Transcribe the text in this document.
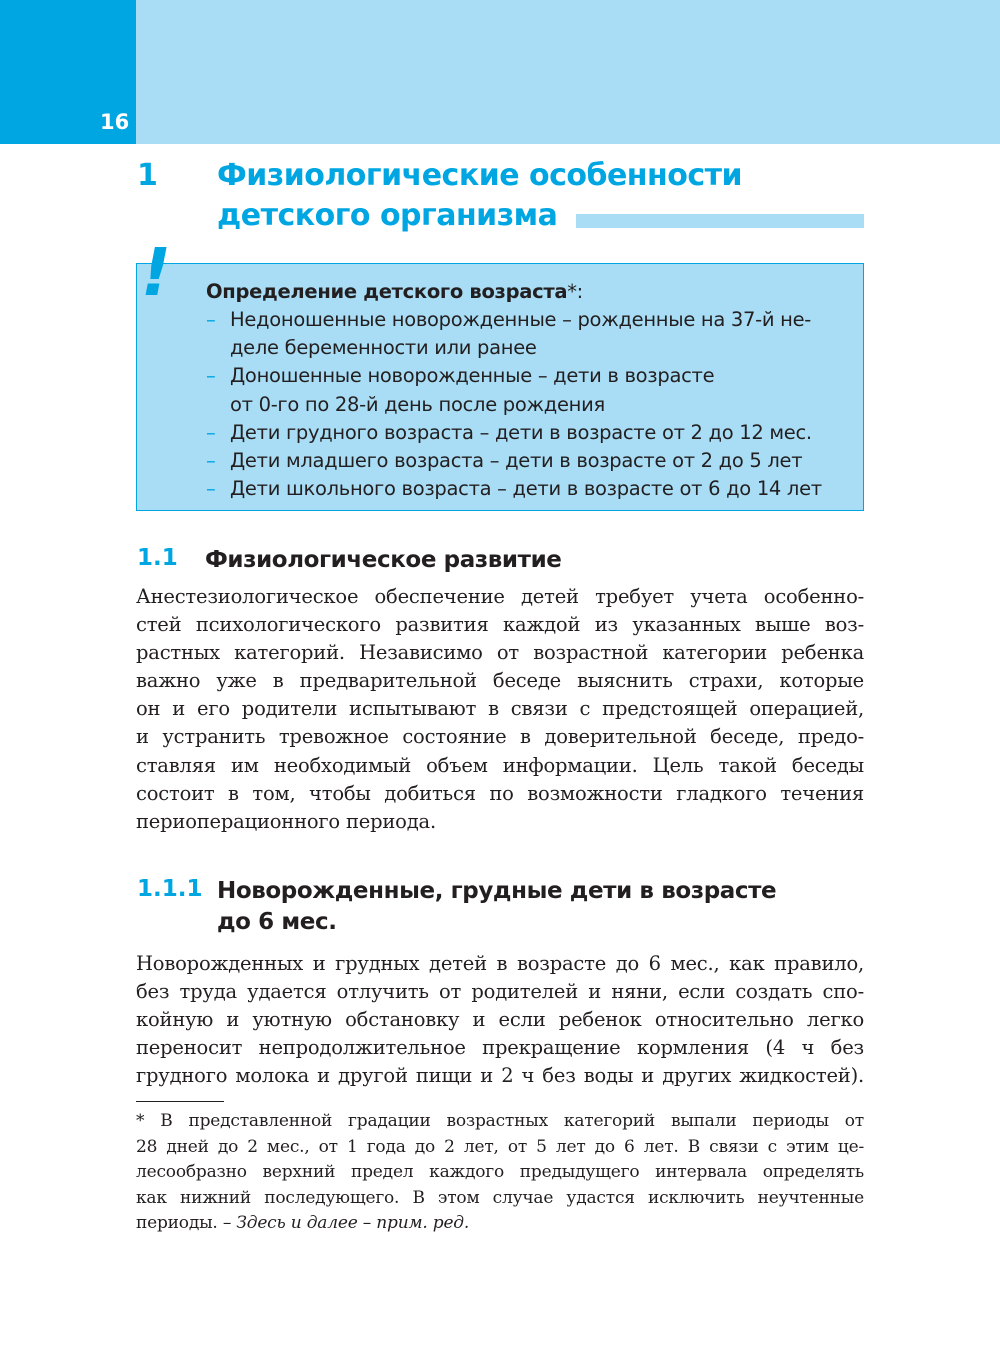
16
1 Физиологические особенности
детского организма
Определение детского возраста*:
– Недоношенные новорожденные – рожденные на 37-й не-
деле беременности или ранее
– Доношенные новорожденные – дети в возрасте
от 0-го по 28-й день после рождения
– Дети грудного возраста – дети в возрасте от 2 до 12 мес.
– Дети младшего возраста – дети в возрасте от 2 до 5 лет
– Дети школьного возраста – дети в возрасте от 6 до 14 лет
!
1.1 Физиологическое развитие

Анестезиологическое обеспечение детей требует учета особенно-
стей психологического развития каждой из указанных выше воз-
растных категорий. Независимо от возрастной категории ребенка
важно уже в предварительной беседе выяснить страхи, которые
он и его родители испытывают в связи с предстоящей операцией,
и устранить тревожное состояние в доверительной беседе, предо-
ставляя им необходимый объем информации. Цель такой беседы
состоит в том, чтобы добиться по возможности гладкого течения
периоперационного периода.

1.1.1 Новорожденные, грудные дети в возрасте
до 6 мес.

Новорожденных и грудных детей в возрасте до 6 мес., как правило,
без труда удается отлучить от родителей и няни, если создать спо-
койную и уютную обстановку и если ребенок относительно легко
переносит непродолжительное прекращение кормления (4 ч без
грудного молока и другой пищи и 2 ч без воды и других жидкостей).

* В представленной градации возрастных категорий выпали периоды от
28 дней до 2 мес., от 1 года до 2 лет, от 5 лет до 6 лет. В связи с этим це-
лесообразно верхний предел каждого предыдущего интервала определять
как нижний последующего. В этом случае удастся исключить неучтенные
периоды. – Здесь и далее – прим. ред.
